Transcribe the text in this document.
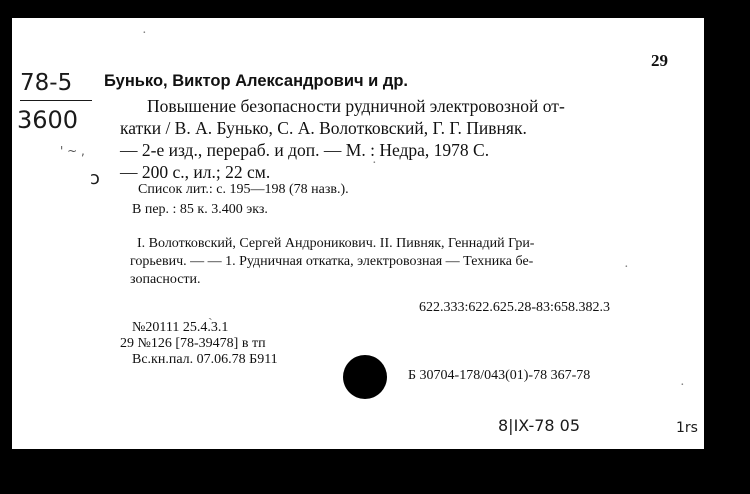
29
78-5
3600
' ~ ,
ↄ
Бунько, Виктор Александрович и др.
Повышение безопасности рудничной электровозной от-
катки / В. А. Бунько, С. А. Волотковский, Г. Г. Пивняк.
— 2-е изд., перераб. и доп. — М. : Недра, 1978 С.
— 200 с., ил.; 22 см.
Список лит.: с. 195—198 (78 назв.).
В пер. : 85 к. 3.400 экз.
I. Волотковский, Сергей Андроникович. II. Пивняк, Геннадий Гри-
горьевич. — — 1. Рудничная откатка, электровозная — Техника бе-
зопасности.
622.333:622.625.28-83:658.382.3
№20111 25.4.3.1
29 №126 [78-39478] в тп
Вс.кн.пал. 07.06.78 Б911
Б 30704-178/043(01)-78 367-78
8|IX-78 05	1rs
·
·
ˎ
·
·
